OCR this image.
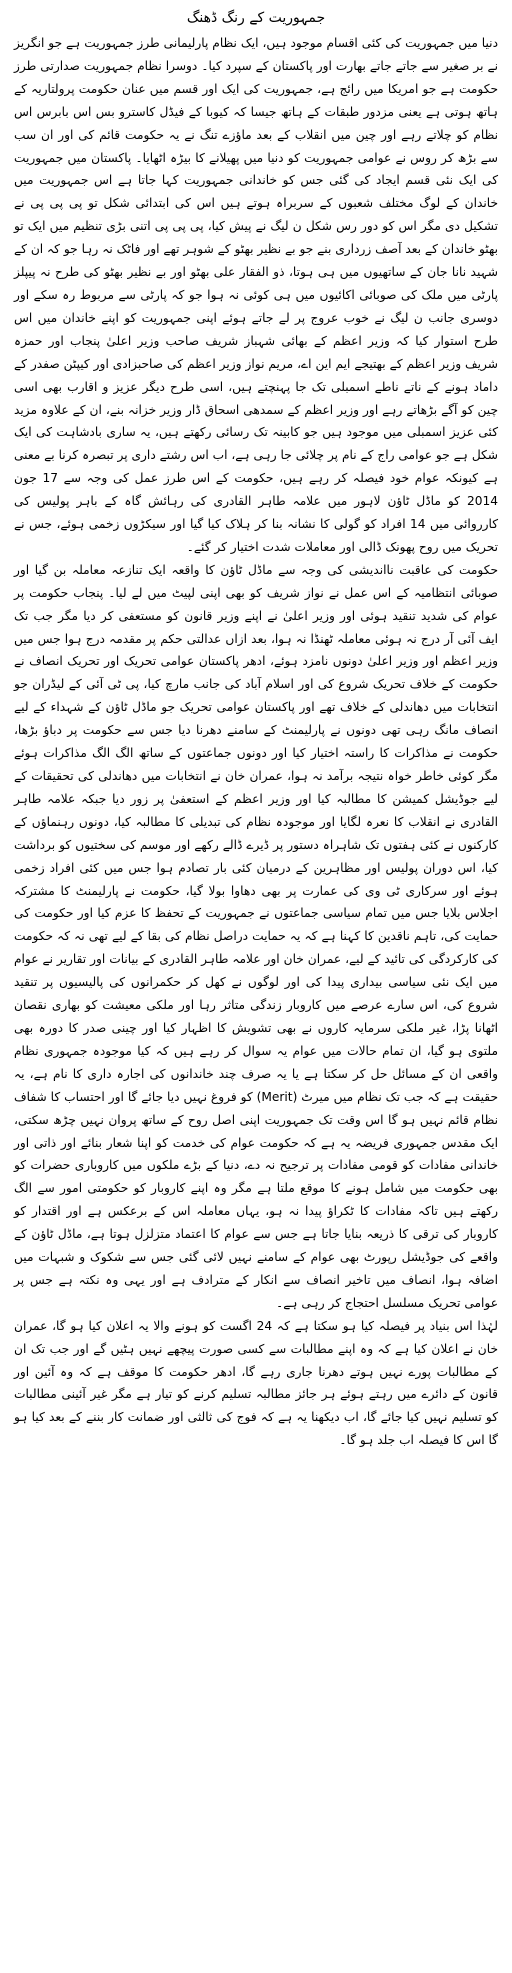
جمہوریت کے رنگ ڈھنگ

دنیا میں جمہوریت کی کئی اقسام موجود ہیں، ایک نظام پارلیمانی طرز جمہوریت ہے جو انگریز نے بر صغیر سے جاتے جاتے بھارت اور پاکستان کے سپرد کیا۔ دوسرا نظام جمہوریت صدارتی طرز حکومت ہے جو امریکا میں رائج ہے، جمہوریت کی ایک اور قسم میں عنان حکومت پرولتاریہ کے ہاتھ ہوتی ہے یعنی مزدور طبقات کے ہاتھ جیسا کہ کیوبا کے فیڈل کاسترو بس اس بابرس اس نظام کو چلاتے رہے اور چین میں انقلاب کے بعد ماؤزے تنگ نے یہ حکومت قائم کی اور ان سب سے بڑھ کر روس نے عوامی جمہوریت کو دنیا میں پھیلانے کا بیڑہ اٹھایا۔ پاکستان میں جمہوریت کی ایک نئی قسم ایجاد کی گئی جس کو خاندانی جمہوریت کہا جاتا ہے اس جمہوریت میں خاندان کے لوگ مختلف شعبوں کے سربراہ ہوتے ہیں اس کی ابتدائی شکل تو پی پی پی نے تشکیل دی مگر اس کو دور رس شکل ن لیگ نے پیش کیا، پی پی پی اتنی بڑی تنظیم میں ایک تو بھٹو خاندان کے بعد آصف زرداری بنے جو بے نظیر بھٹو کے شوہر تھے اور فاٹک نہ رہا جو کہ ان کے شہید نانا جان کے ساتھیوں میں ہی ہوتا، ذو الفقار علی بھٹو اور بے نظیر بھٹو کی طرح نہ پیپلز پارٹی میں ملک کی صوبائی اکائیوں میں ہی کوئی نہ ہوا جو کہ پارٹی سے مربوط رہ سکے اور دوسری جانب ن لیگ نے خوب عروج پر لے جاتے ہوئے اپنی جمہوریت کو اپنے خاندان میں اس طرح استوار کیا کہ وزیر اعظم کے بھائی شہباز شریف صاحب وزیر اعلیٰ پنجاب اور حمزہ شریف وزیر اعظم کے بھتیجے ایم این اے، مریم نواز وزیر اعظم کی صاحبزادی اور کیپٹن صفدر کے داماد ہونے کے ناتے ناطے اسمبلی تک جا پہنچتے ہیں، اسی طرح دیگر عزیز و اقارب بھی اسی چین کو آگے بڑھاتے رہے اور وزیر اعظم کے سمدھی اسحاق ڈار وزیر خزانہ بنے، ان کے علاوہ مزید کئی عزیز اسمبلی میں موجود ہیں جو کابینہ تک رسائی رکھتے ہیں، یہ ساری بادشاہت کی ایک شکل ہے جو عوامی راج کے نام پر چلائی جا رہی ہے، اب اس رشتے داری پر تبصرہ کرنا بے معنی ہے کیونکہ عوام خود فیصلہ کر رہے ہیں، حکومت کے اس طرز عمل کی وجہ سے 17 جون 2014 کو ماڈل ٹاؤن لاہور میں علامہ طاہر القادری کی رہائش گاہ کے باہر پولیس کی کارروائی میں 14 افراد کو گولی کا نشانہ بنا کر ہلاک کیا گیا اور سیکڑوں زخمی ہوئے، جس نے تحریک میں روح پھونک ڈالی اور معاملات شدت اختیار کر گئے۔

حکومت کی عاقبت نااندیشی کی وجہ سے ماڈل ٹاؤن کا واقعہ ایک تنازعہ معاملہ بن گیا اور صوبائی انتظامیہ کے اس عمل نے نواز شریف کو بھی اپنی لپیٹ میں لے لیا۔ پنجاب حکومت پر عوام کی شدید تنقید ہوئی اور وزیر اعلیٰ نے اپنے وزیر قانون کو مستعفی کر دیا مگر جب تک ایف آئی آر درج نہ ہوئی معاملہ ٹھنڈا نہ ہوا، بعد ازاں عدالتی حکم پر مقدمہ درج ہوا جس میں وزیر اعظم اور وزیر اعلیٰ دونوں نامزد ہوئے، ادھر پاکستان عوامی تحریک اور تحریک انصاف نے حکومت کے خلاف تحریک شروع کی اور اسلام آباد کی جانب مارچ کیا، پی ٹی آئی کے لیڈران جو انتخابات میں دھاندلی کے خلاف تھے اور پاکستان عوامی تحریک جو ماڈل ٹاؤن کے شہداء کے لیے انصاف مانگ رہی تھی دونوں نے پارلیمنٹ کے سامنے دھرنا دیا جس سے حکومت پر دباؤ بڑھا، حکومت نے مذاکرات کا راستہ اختیار کیا اور دونوں جماعتوں کے ساتھ الگ الگ مذاکرات ہوئے مگر کوئی خاطر خواہ نتیجہ برآمد نہ ہوا، عمران خان نے انتخابات میں دھاندلی کی تحقیقات کے لیے جوڈیشل کمیشن کا مطالبہ کیا اور وزیر اعظم کے استعفیٰ پر زور دیا جبکہ علامہ طاہر القادری نے انقلاب کا نعرہ لگایا اور موجودہ نظام کی تبدیلی کا مطالبہ کیا، دونوں رہنماؤں کے کارکنوں نے کئی ہفتوں تک شاہراہ دستور پر ڈیرے ڈالے رکھے اور موسم کی سختیوں کو برداشت کیا، اس دوران پولیس اور مظاہرین کے درمیان کئی بار تصادم ہوا جس میں کئی افراد زخمی ہوئے اور سرکاری ٹی وی کی عمارت پر بھی دھاوا بولا گیا، حکومت نے پارلیمنٹ کا مشترکہ اجلاس بلایا جس میں تمام سیاسی جماعتوں نے جمہوریت کے تحفظ کا عزم کیا اور حکومت کی حمایت کی، تاہم ناقدین کا کہنا ہے کہ یہ حمایت دراصل نظام کی بقا کے لیے تھی نہ کہ حکومت کی کارکردگی کی تائید کے لیے، عمران خان اور علامہ طاہر القادری کے بیانات اور تقاریر نے عوام میں ایک نئی سیاسی بیداری پیدا کی اور لوگوں نے کھل کر حکمرانوں کی پالیسیوں پر تنقید شروع کی، اس سارے عرصے میں کاروبار زندگی متاثر رہا اور ملکی معیشت کو بھاری نقصان اٹھانا پڑا، غیر ملکی سرمایہ کاروں نے بھی تشویش کا اظہار کیا اور چینی صدر کا دورہ بھی ملتوی ہو گیا، ان تمام حالات میں عوام یہ سوال کر رہے ہیں کہ کیا موجودہ جمہوری نظام واقعی ان کے مسائل حل کر سکتا ہے یا یہ صرف چند خاندانوں کی اجارہ داری کا نام ہے، یہ حقیقت ہے کہ جب تک نظام میں میرٹ (Merit) کو فروغ نہیں دیا جائے گا اور احتساب کا شفاف نظام قائم نہیں ہو گا اس وقت تک جمہوریت اپنی اصل روح کے ساتھ پروان نہیں چڑھ سکتی، ایک مقدس جمہوری فریضہ یہ ہے کہ حکومت عوام کی خدمت کو اپنا شعار بنائے اور ذاتی اور خاندانی مفادات کو قومی مفادات پر ترجیح نہ دے، دنیا کے بڑے ملکوں میں کاروباری حضرات کو بھی حکومت میں شامل ہونے کا موقع ملتا ہے مگر وہ اپنے کاروبار کو حکومتی امور سے الگ رکھتے ہیں تاکہ مفادات کا ٹکراؤ پیدا نہ ہو، یہاں معاملہ اس کے برعکس ہے اور اقتدار کو کاروبار کی ترقی کا ذریعہ بنایا جاتا ہے جس سے عوام کا اعتماد متزلزل ہوتا ہے، ماڈل ٹاؤن کے واقعے کی جوڈیشل رپورٹ بھی عوام کے سامنے نہیں لائی گئی جس سے شکوک و شبہات میں اضافہ ہوا، انصاف میں تاخیر انصاف سے انکار کے مترادف ہے اور یہی وہ نکتہ ہے جس پر عوامی تحریک مسلسل احتجاج کر رہی ہے۔

لہٰذا اس بنیاد پر فیصلہ کیا ہو سکتا ہے کہ 24 اگست کو ہونے والا یہ اعلان کیا ہو گا، عمران خان نے اعلان کیا ہے کہ وہ اپنے مطالبات سے کسی صورت پیچھے نہیں ہٹیں گے اور جب تک ان کے مطالبات پورے نہیں ہوتے دھرنا جاری رہے گا، ادھر حکومت کا موقف ہے کہ وہ آئین اور قانون کے دائرے میں رہتے ہوئے ہر جائز مطالبہ تسلیم کرنے کو تیار ہے مگر غیر آئینی مطالبات کو تسلیم نہیں کیا جائے گا، اب دیکھنا یہ ہے کہ فوج کی ثالثی اور ضمانت کار بننے کے بعد کیا ہو گا اس کا فیصلہ اب جلد ہو گا۔
